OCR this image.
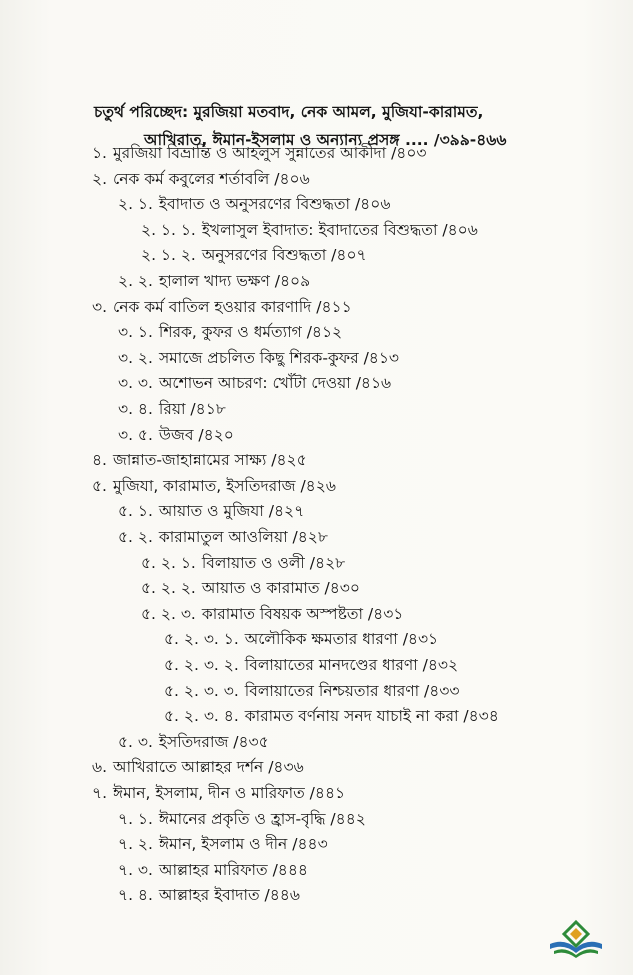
চতুর্থ পরিচ্ছেদ: মুরজিয়া মতবাদ, নেক আমল, মুজিযা-কারামত,
আখিরাত, ঈমান-ইসলাম ও অন্যান্য প্রসঙ্গ .... /৩৯৯-৪৬৬
১. মুরজিয়া বিভ্রান্তি ও আহলুস সুন্নাতের আকীদা /৪০৩
২. নেক কর্ম কবুলের শর্তাবলি /৪০৬
২. ১. ইবাদাত ও অনুসরণের বিশুদ্ধতা /৪০৬
২. ১. ১. ইখলাসুল ইবাদাত: ইবাদাতের বিশুদ্ধতা /৪০৬
২. ১. ২. অনুসরণের বিশুদ্ধতা /৪০৭
২. ২. হালাল খাদ্য ভক্ষণ /৪০৯
৩. নেক কর্ম বাতিল হওয়ার কারণাদি /৪১১
৩. ১. শিরক, কুফর ও ধর্মত্যাগ /৪১২
৩. ২. সমাজে প্রচলিত কিছু শিরক-কুফর /৪১৩
৩. ৩. অশোভন আচরণ: খোঁটা দেওয়া /৪১৬
৩. ৪. রিয়া /৪১৮
৩. ৫. উজব /৪২০
৪. জান্নাত-জাহান্নামের সাক্ষ্য /৪২৫
৫. মুজিযা, কারামাত, ইসতিদরাজ /৪২৬
৫. ১. আয়াত ও মুজিযা /৪২৭
৫. ২. কারামাতুল আওলিয়া /৪২৮
৫. ২. ১. বিলায়াত ও ওলী /৪২৮
৫. ২. ২. আয়াত ও কারামাত /৪৩০
৫. ২. ৩. কারামাত বিষয়ক অস্পষ্টতা /৪৩১
৫. ২. ৩. ১. অলৌকিক ক্ষমতার ধারণা /৪৩১
৫. ২. ৩. ২. বিলায়াতের মানদণ্ডের ধারণা /৪৩২
৫. ২. ৩. ৩. বিলায়াতের নিশ্চয়তার ধারণা /৪৩৩
৫. ২. ৩. ৪. কারামত বর্ণনায় সনদ যাচাই না করা /৪৩৪
৫. ৩. ইসতিদরাজ /৪৩৫
৬. আখিরাতে আল্লাহর দর্শন /৪৩৬
৭. ঈমান, ইসলাম, দীন ও মারিফাত /৪৪১
৭. ১. ঈমানের প্রকৃতি ও হ্রাস-বৃদ্ধি /৪৪২
৭. ২. ঈমান, ইসলাম ও দীন /৪৪৩
৭. ৩. আল্লাহর মারিফাত /৪৪৪
৭. ৪. আল্লাহর ইবাদাত /৪৪৬
